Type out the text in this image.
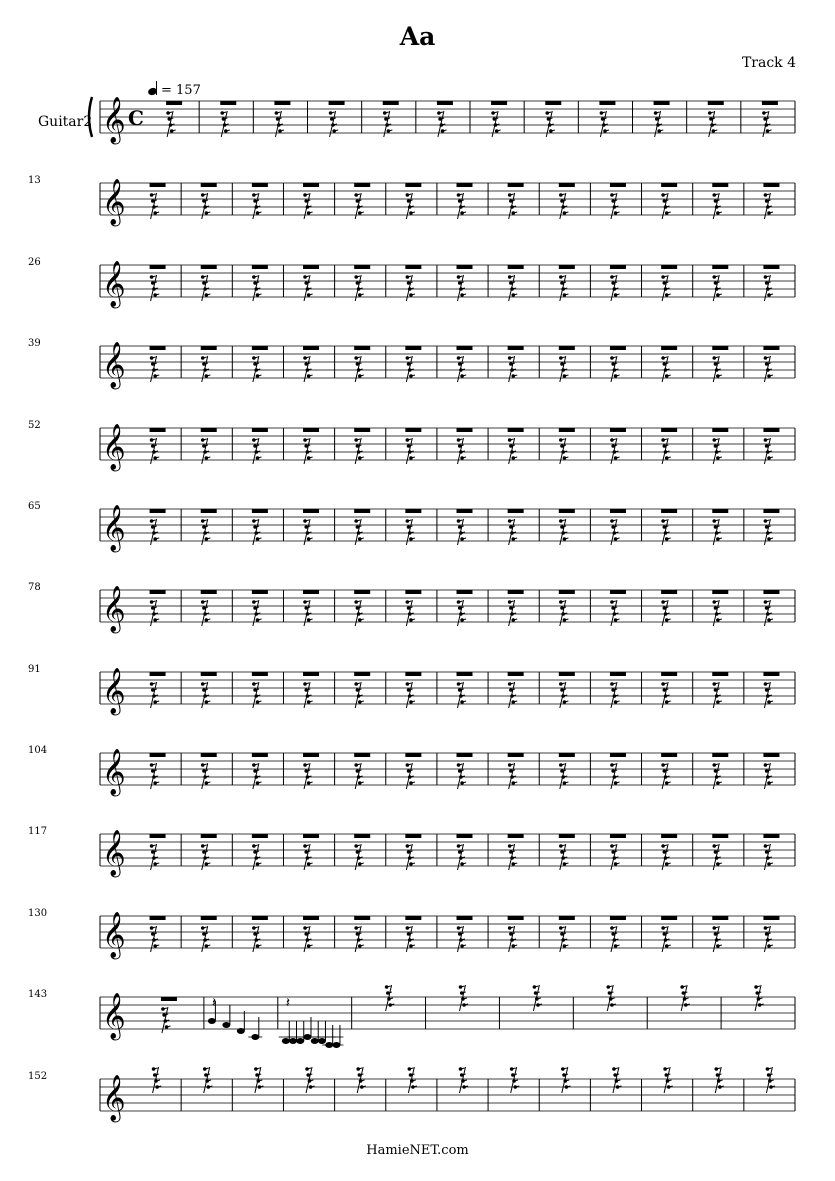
Aa
Track 4
= 157
Guitar2 𝄞 C
13 𝄞
26 𝄞
39 𝄞
52 𝄞
65 𝄞
78 𝄞
91 𝄞
104 𝄞
117 𝄞
130 𝄞
143 𝄞	𝄽	𝄽
152 𝄞
HamieNET.com
